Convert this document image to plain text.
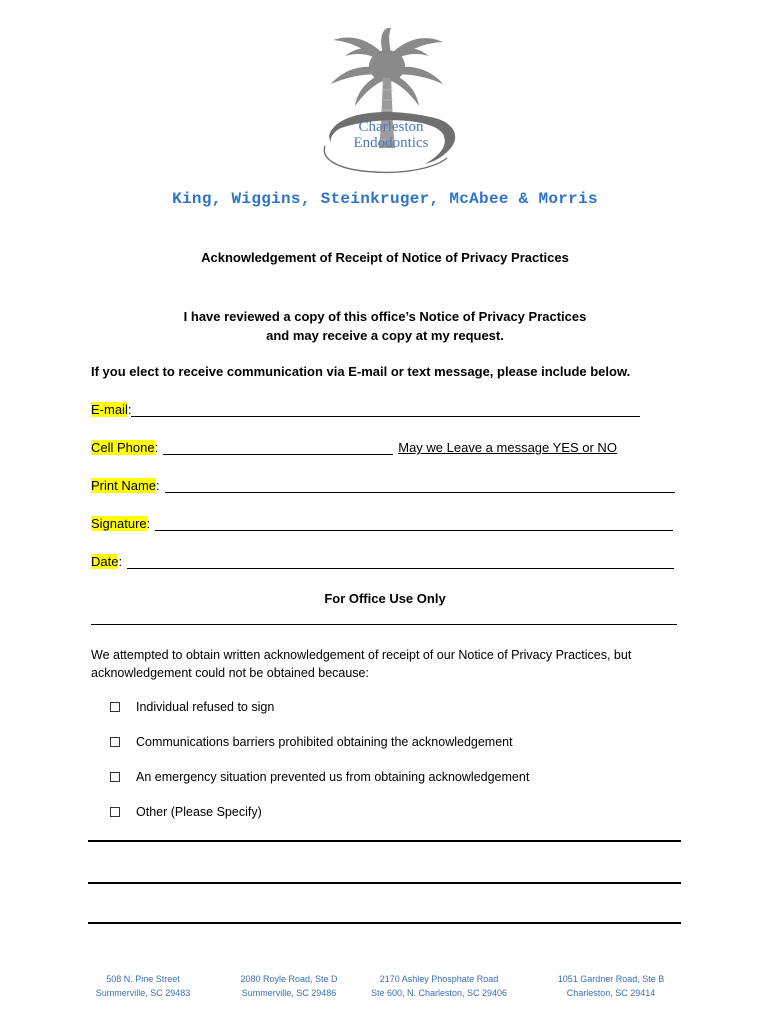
Charleston
Endodontics
King, Wiggins, Steinkruger, McAbee & Morris
Acknowledgement of Receipt of Notice of Privacy Practices
I have reviewed a copy of this office’s Notice of Privacy Practices
and may receive a copy at my request.
If you elect to receive communication via E-mail or text message, please include below.
E-mail :
Cell Phone :	May we Leave a message YES or NO
Print Name :
Signature :
Date :
For Office Use Only
We attempted to obtain written acknowledgement of receipt of our Notice of Privacy Practices, but acknowledgement could not be obtained because:
Individual refused to sign
Communications barriers prohibited obtaining the acknowledgement
An emergency situation prevented us from obtaining acknowledgement
Other (Please Specify)
508 N. Pine Street
Summerville, SC 29483
2080 Royle Road, Ste D
Summerville, SC 29486
2170 Ashley Phosphate Road
Ste 600, N. Charleston, SC 29406
1051 Gardner Road, Ste B
Charleston, SC 29414
